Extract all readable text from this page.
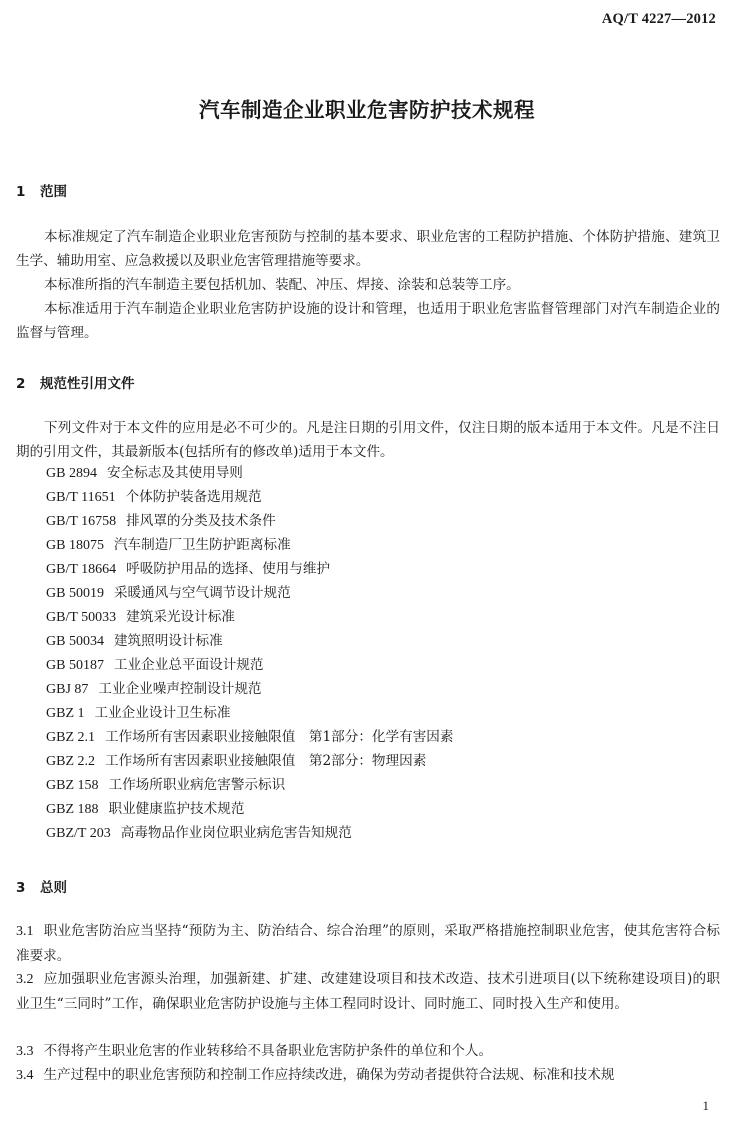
AQ/T 4227—2012
汽车制造企业职业危害防护技术规程
1 范围

本标准规定了汽车制造企业职业危害预防与控制的基本要求、职业危害的工程防护措施、个体防护措施、建筑卫生学、辅助用室、应急救援以及职业危害管理措施等要求。

本标准所指的汽车制造主要包括机加、装配、冲压、焊接、涂装和总装等工序。

本标准适用于汽车制造企业职业危害防护设施的设计和管理，也适用于职业危害监督管理部门对汽车制造企业的监督与管理。

2 规范性引用文件

下列文件对于本文件的应用是必不可少的。凡是注日期的引用文件，仅注日期的版本适用于本文件。凡是不注日期的引用文件，其最新版本(包括所有的修改单)适用于本文件。

GB 2894 安全标志及其使用导则
GB/T 11651 个体防护装备选用规范
GB/T 16758 排风罩的分类及技术条件
GB 18075 汽车制造厂卫生防护距离标准
GB/T 18664 呼吸防护用品的选择、使用与维护
GB 50019 采暖通风与空气调节设计规范
GB/T 50033 建筑采光设计标准
GB 50034 建筑照明设计标准
GB 50187 工业企业总平面设计规范
GBJ 87 工业企业噪声控制设计规范
GBZ 1 工业企业设计卫生标准
GBZ 2.1 工作场所有害因素职业接触限值　第1部分：化学有害因素
GBZ 2.2 工作场所有害因素职业接触限值　第2部分：物理因素
GBZ 158 工作场所职业病危害警示标识
GBZ 188 职业健康监护技术规范
GBZ/T 203 高毒物品作业岗位职业病危害告知规范
3 总则

3.1 职业危害防治应当坚持“预防为主、防治结合、综合治理”的原则，采取严格措施控制职业危害，使其危害符合标准要求。

3.2 应加强职业危害源头治理，加强新建、扩建、改建建设项目和技术改造、技术引进项目(以下统称建设项目)的职业卫生“三同时”工作，确保职业危害防护设施与主体工程同时设计、同时施工、同时投入生产和使用。

3.3 不得将产生职业危害的作业转移给不具备职业危害防护条件的单位和个人。

3.4 生产过程中的职业危害预防和控制工作应持续改进，确保为劳动者提供符合法规、标准和技术规

1
